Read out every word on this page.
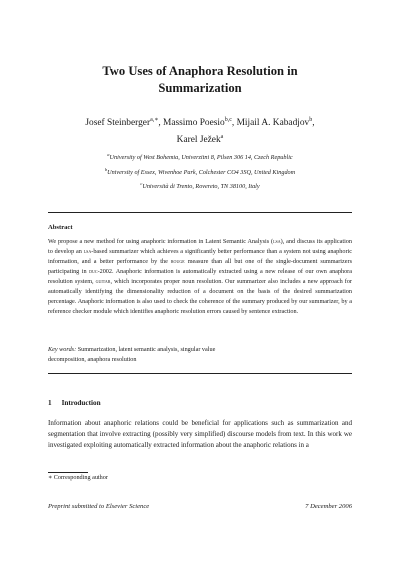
Two Uses of Anaphora Resolution in
Summarization
Josef Steinberger$^{a,∗}$, Massimo Poesio$^{b,c}$, Mijail A. Kabadjov$^b$,
Karel Ježek$^a$
$^a$University of West Bohemia, Univerzitni 8, Pilsen 306 14, Czech Republic
$^b$University of Essex, Wivenhoe Park, Colchester CO4 3SQ, United Kingdom
$^c$Università di Trento, Rovereto, TN 38100, Italy
Abstract
We propose a new method for using anaphoric information in Latent Semantic Analysis (lsa), and discuss its application to develop an lsa-based summarizer which achieves a significantly better performance than a system not using anaphoric information, and a better performance by the rouge measure than all but one of the single-document summarizers participating in duc-2002. Anaphoric information is automatically extracted using a new release of our own anaphora resolution system, guitar, which incorporates proper noun resolution. Our summarizer also includes a new approach for automatically identifying the dimensionality reduction of a document on the basis of the desired summarization percentage. Anaphoric information is also used to check the coherence of the summary produced by our summarizer, by a reference checker module which identifies anaphoric resolution errors caused by sentence extraction.
Key words: Summarization, latent semantic analysis, singular value
decomposition, anaphora resolution
1 Introduction
Information about anaphoric relations could be beneficial for applications such as summarization and segmentation that involve extracting (possibly very simplified) discourse models from text. In this work we investigated exploiting automatically extracted information about the anaphoric relations in a
∗ Corresponding author
Preprint submitted to Elsevier Science	7 December 2006
